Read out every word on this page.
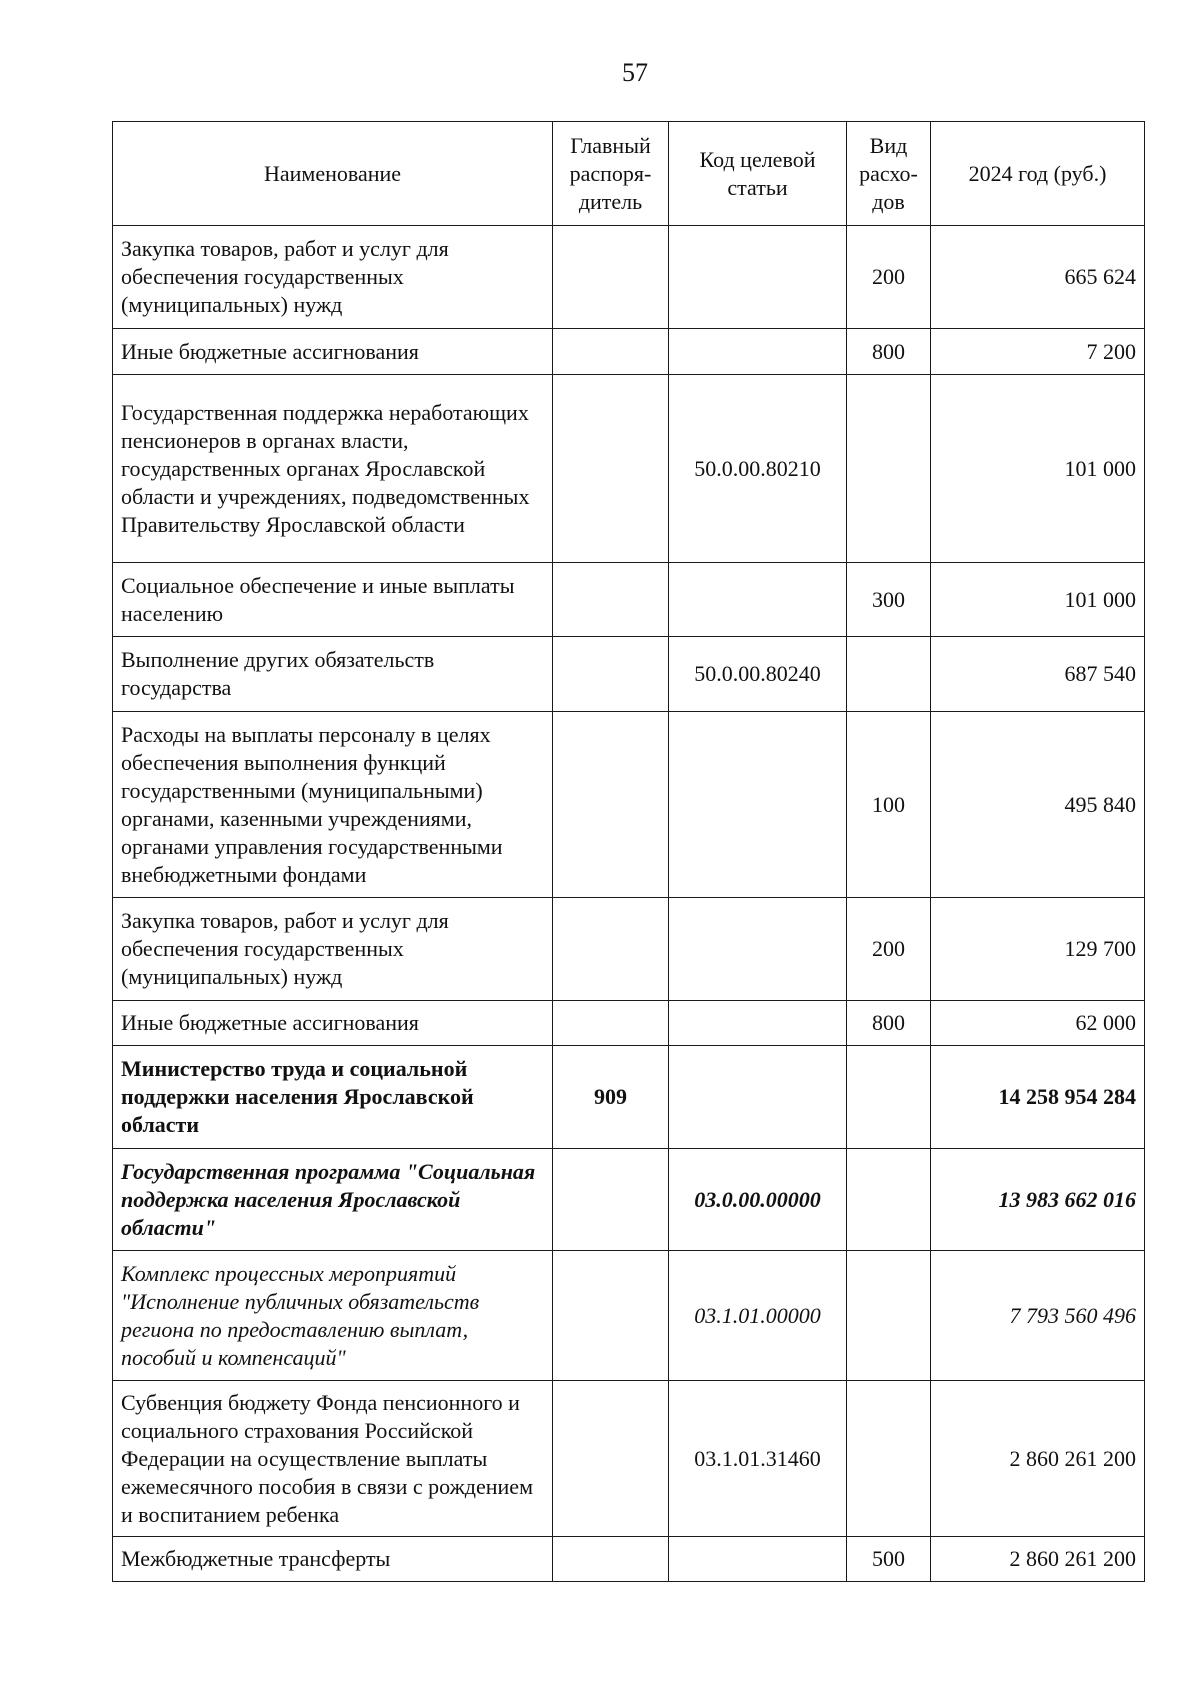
57
Наименование	Главный распоря-дитель	Код целевой статьи	Вид расхо-дов	2024 год (руб.)
Закупка товаров, работ и услуг для обеспечения государственных (муниципальных) нужд			200	665 624
Иные бюджетные ассигнования			800	7 200
Государственная поддержка неработающих пенсионеров в органах власти, государственных органах Ярославской области и учреждениях, подведомственных Правительству Ярославской области		50.0.00.80210		101 000
Социальное обеспечение и иные выплаты населению			300	101 000
Выполнение других обязательств государства		50.0.00.80240		687 540
Расходы на выплаты персоналу в целях обеспечения выполнения функций государственными (муниципальными) органами, казенными учреждениями, органами управления государственными внебюджетными фондами			100	495 840
Закупка товаров, работ и услуг для обеспечения государственных (муниципальных) нужд			200	129 700
Иные бюджетные ассигнования			800	62 000
Министерство труда и социальной поддержки населения Ярославской области	909			14 258 954 284
Государственная программа "Социальная поддержка населения Ярославской области"		03.0.00.00000		13 983 662 016
Комплекс процессных мероприятий "Исполнение публичных обязательств региона по предоставлению выплат, пособий и компенсаций"		03.1.01.00000		7 793 560 496
Субвенция бюджету Фонда пенсионного и социального страхования Российской Федерации на осуществление выплаты ежемесячного пособия в связи с рождением и воспитанием ребенка		03.1.01.31460		2 860 261 200
Межбюджетные трансферты			500	2 860 261 200
